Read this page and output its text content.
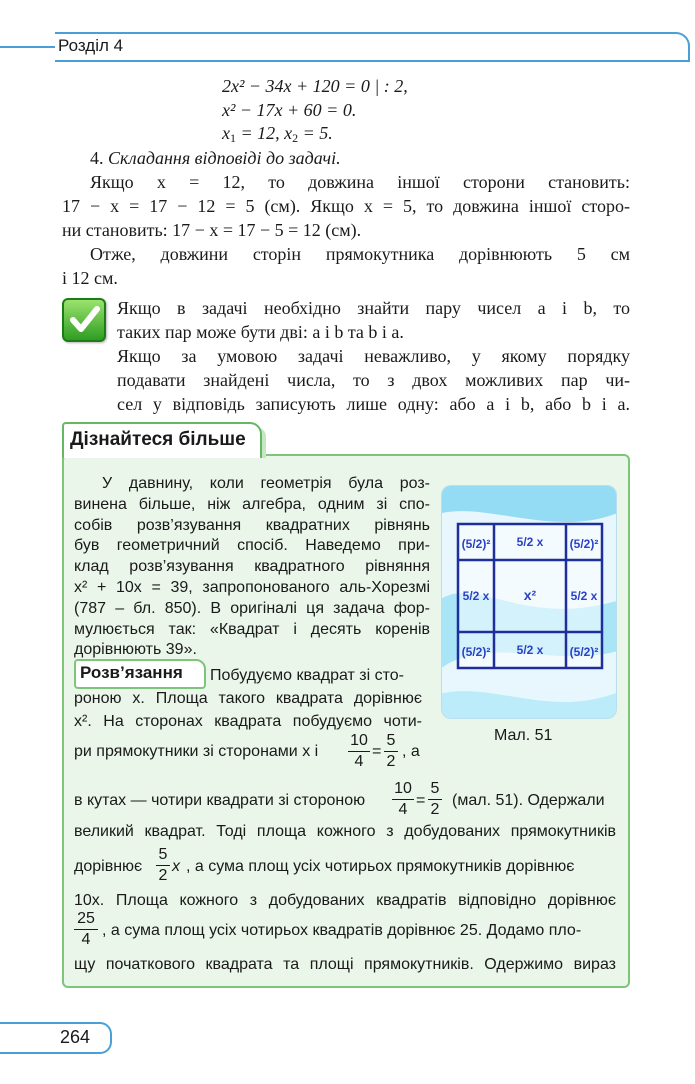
Розділ 4
2x² − 34x + 120 = 0 | : 2,
x² − 17x + 60 = 0.
$x_1 = 12$, $x_2 = 5$.
4. Складання відповіді до задачі.
Якщо x = 12, то довжина іншої сторони становить:
17 − x = 17 − 12 = 5 (см). Якщо x = 5, то довжина іншої сторо-
ни становить: 17 − x = 17 − 5 = 12 (см).
Отже, довжини сторін прямокутника дорівнюють 5 см
і 12 см.
Якщо в задачі необхідно знайти пару чисел a і b, то
таких пар може бути дві: a і b та b і a.
Якщо за умовою задачі неважливо, у якому порядку
подавати знайдені числа, то з двох можливих пар чи-
сел у відповідь записують лише одну: або a і b, або b і a.
Дізнайтеся більше
У давнину, коли геометрія була роз-
винена більше, ніж алгебра, одним зі спо-
собів розв’язування квадратних рівнянь
був геометричний спосіб. Наведемо при-
клад розв’язування квадратного рівняння
x² + 10x = 39, запропонованого аль-Хорезмі
(787 – бл. 850). В оригіналі ця задача фор-
мулюється так: «Квадрат і десять коренів
дорівнюють 39».
Розв’язання Побудуємо квадрат зі сто-
роною x. Площа такого квадрата дорівнює
x². На сторонах квадрата побудуємо чоти-
ри прямокутники зі сторонами x і
10
4
=
5
2
, а
(5/2)²	(5/2)²
(5/2)²	(5/2)²
5/2 x
5/2 x
5/2 x	5/2 x
x²
Мал. 51
в кутах — чотири квадрати зі стороною
10
4
=
5
2
(мал. 51). Одержали
великий квадрат. Тоді площа кожного з добудованих прямокутників
дорівнює
5
2
x , а сума площ усіх чотирьох прямокутників дорівнює
10x. Площа кожного з добудованих квадратів відповідно дорівнює
25
4
, а сума площ усіх чотирьох квадратів дорівнює 25. Додамо пло-
щу початкового квадрата та площі прямокутників. Одержимо вираз
264
